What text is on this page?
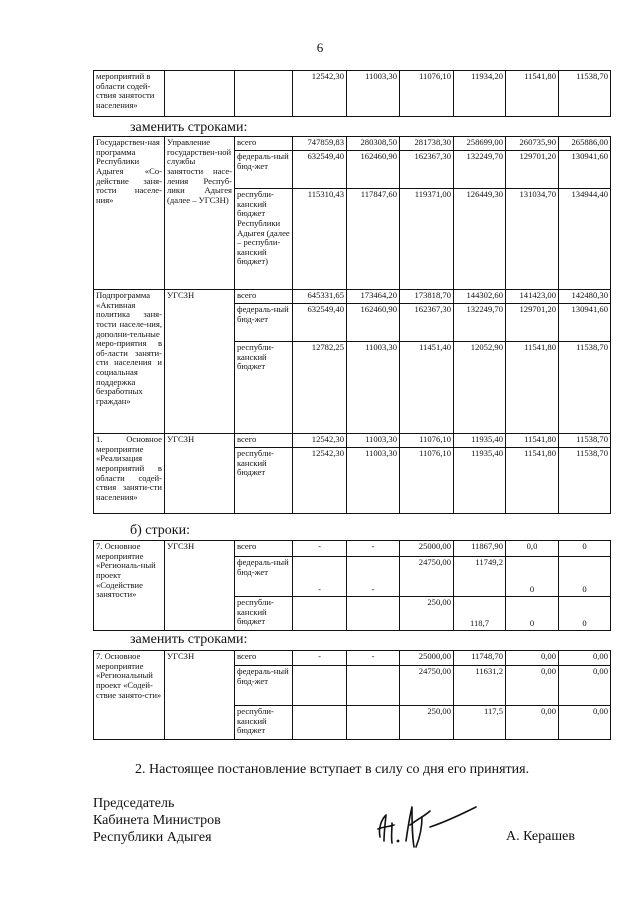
6
мероприятий в области содей-ствия занятости населения»			12542,30	11003,30	11076,10	11934,20	11541,80	11538,70
заменить строками:
Государствен-ная программа Республики Адыгея «Со-действие заня-тости населе-ния»	Управление государствен-ной службы занятости насе-ления Респуб-лики Адыгея (далее – УГСЗН)	всего	747859,83	280308,50	281738,30	258699,00	260735,90	265886,00
		федераль-ный бюд-жет	632549,40	162460,90	162367,30	132249,70	129701,20	130941,60
		республи-канский бюджет Республики Адыгея (далее – республи-канский бюджет)	115310,43	117847,60	119371,00	126449,30	131034,70	134944,40
Подпрограмма «Активная политика заня-тости населе-ния, дополни-тельные меро-приятия в об-ласти заняти-сти населения и социальная поддержка безработных граждан»	УГСЗН	всего	645331,65	173464,20	173818,70	144302,60	141423,00	142480,30
		федераль-ный бюд-жет	632549,40	162460,90	162367,30	132249,70	129701,20	130941,60
		республи-канский бюджет	12782,25	11003,30	11451,40	12052,90	11541,80	11538,70
1. Основное мероприятие «Реализация мероприятий в области содей-ствия заняти-сти населения»	УГСЗН	всего	12542,30	11003,30	11076,10	11935,40	11541,80	11538,70
		республи-канский бюджет	12542,30	11003,30	11076,10	11935,40	11541,80	11538,70
б) строки:
7. Основное мероприятие «Региональ-ный проект «Содействие занятости»	УГСЗН	всего	-	-	25000,00	11867,90	0,0	0
		федераль-ный бюд-жет	-	-	24750,00	11749,2	0	0
		республи-канский бюджет			250,00	118,7	0	0
заменить строками:
7. Основное мероприятие «Региональный проект «Содей-ствие занято-сти»	УГСЗН	всего	-	-	25000,00	11748,70	0,00	0,00
		федераль-ный бюд-жет			24750,00	11631,2	0,00	0,00
		республи-канский бюджет			250,00	117,5	0,00	0,00
2. Настоящее постановление вступает в силу со дня его принятия.
Председатель
Кабинета Министров
Республики Адыгея	А. Керашев
